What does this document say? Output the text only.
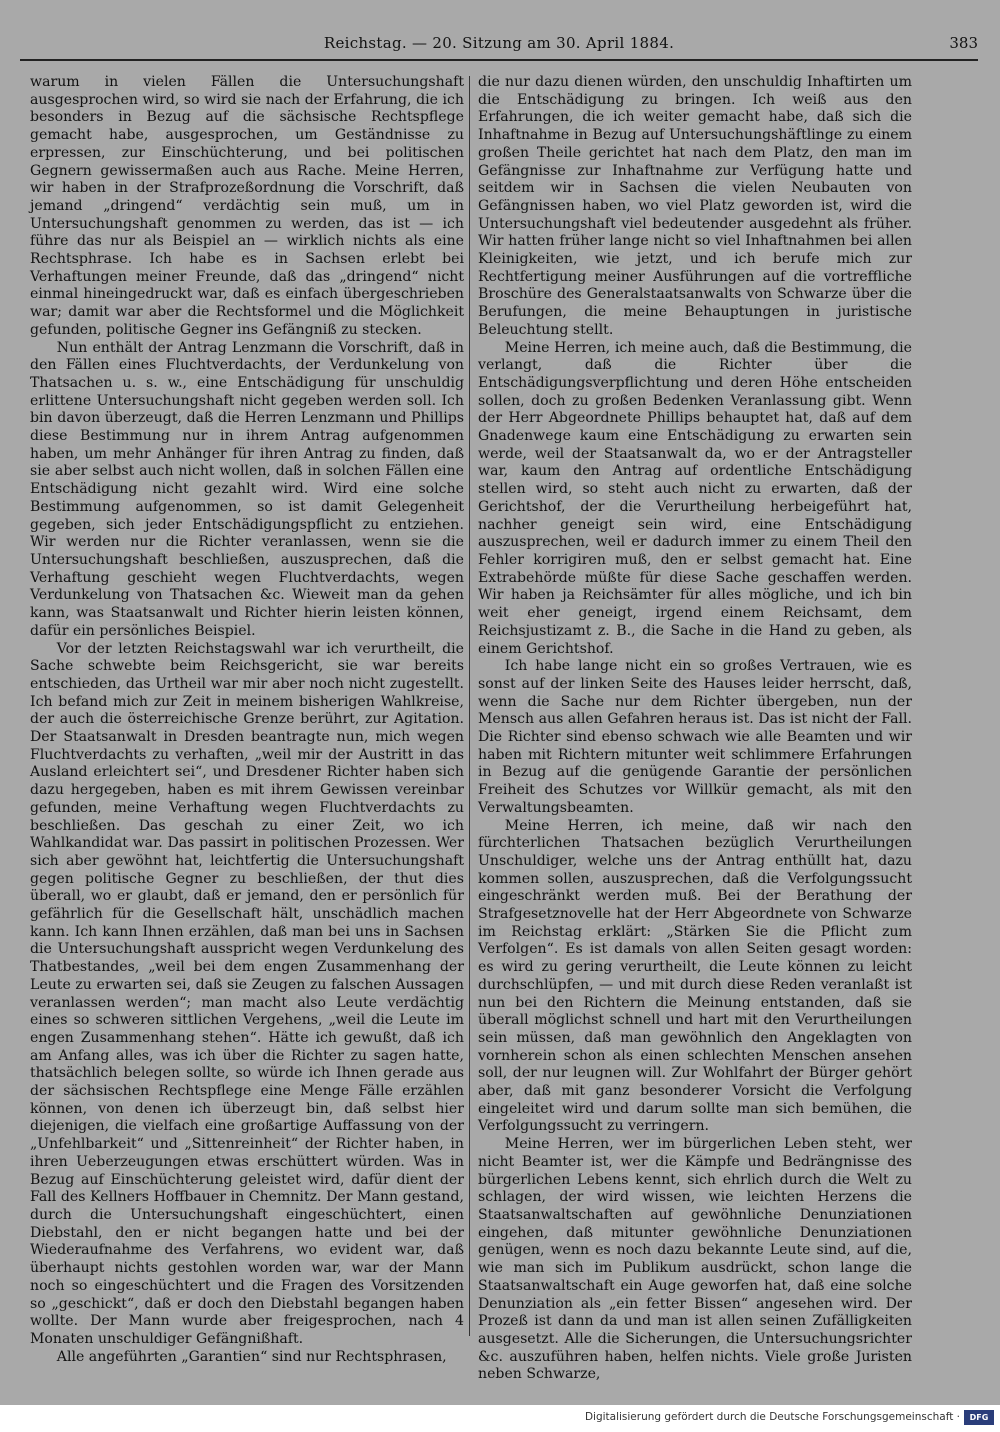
Reichstag. — 20. Sitzung am 30. April 1884.	383

warum in vielen Fällen die Untersuchungshaft ausgesprochen wird, so wird sie nach der Erfahrung, die ich besonders in Bezug auf die sächsische Rechtspflege gemacht habe, ausgesprochen, um Geständnisse zu erpressen, zur Einschüchterung, und bei politischen Gegnern gewissermaßen auch aus Rache. Meine Herren, wir haben in der Strafprozeßordnung die Vorschrift, daß jemand „dringend“ verdächtig sein muß, um in Untersuchungshaft genommen zu werden, das ist — ich führe das nur als Beispiel an — wirklich nichts als eine Rechtsphrase. Ich habe es in Sachsen erlebt bei Verhaftungen meiner Freunde, daß das „dringend“ nicht einmal hineingedruckt war, daß es einfach übergeschrieben war; damit war aber die Rechtsformel und die Möglichkeit gefunden, politische Gegner ins Gefängniß zu stecken.

Nun enthält der Antrag Lenzmann die Vorschrift, daß in den Fällen eines Fluchtverdachts, der Verdunkelung von Thatsachen u. s. w., eine Entschädigung für unschuldig erlittene Untersuchungshaft nicht gegeben werden soll. Ich bin davon überzeugt, daß die Herren Lenzmann und Phillips diese Bestimmung nur in ihrem Antrag aufgenommen haben, um mehr Anhänger für ihren Antrag zu finden, daß sie aber selbst auch nicht wollen, daß in solchen Fällen eine Entschädigung nicht gezahlt wird. Wird eine solche Bestimmung aufgenommen, so ist damit Gelegenheit gegeben, sich jeder Entschädigungspflicht zu entziehen. Wir werden nur die Richter veranlassen, wenn sie die Untersuchungshaft beschließen, auszusprechen, daß die Verhaftung geschieht wegen Fluchtverdachts, wegen Verdunkelung von Thatsachen &c. Wieweit man da gehen kann, was Staatsanwalt und Richter hierin leisten können, dafür ein persönliches Beispiel.

Vor der letzten Reichstagswahl war ich verurtheilt, die Sache schwebte beim Reichsgericht, sie war bereits entschieden, das Urtheil war mir aber noch nicht zugestellt. Ich befand mich zur Zeit in meinem bisherigen Wahlkreise, der auch die österreichische Grenze berührt, zur Agitation. Der Staatsanwalt in Dresden beantragte nun, mich wegen Fluchtverdachts zu verhaften, „weil mir der Austritt in das Ausland erleichtert sei“, und Dresdener Richter haben sich dazu hergegeben, haben es mit ihrem Gewissen vereinbar gefunden, meine Verhaftung wegen Fluchtverdachts zu beschließen. Das geschah zu einer Zeit, wo ich Wahlkandidat war. Das passirt in politischen Prozessen. Wer sich aber gewöhnt hat, leichtfertig die Untersuchungshaft gegen politische Gegner zu beschließen, der thut dies überall, wo er glaubt, daß er jemand, den er persönlich für gefährlich für die Gesellschaft hält, unschädlich machen kann. Ich kann Ihnen erzählen, daß man bei uns in Sachsen die Untersuchungshaft ausspricht wegen Verdunkelung des Thatbestandes, „weil bei dem engen Zusammenhang der Leute zu erwarten sei, daß sie Zeugen zu falschen Aussagen veranlassen werden“; man macht also Leute verdächtig eines so schweren sittlichen Vergehens, „weil die Leute im engen Zusammenhang stehen“. Hätte ich gewußt, daß ich am Anfang alles, was ich über die Richter zu sagen hatte, thatsächlich belegen sollte, so würde ich Ihnen gerade aus der sächsischen Rechtspflege eine Menge Fälle erzählen können, von denen ich überzeugt bin, daß selbst hier diejenigen, die vielfach eine großartige Auffassung von der „Unfehlbarkeit“ und „Sittenreinheit“ der Richter haben, in ihren Ueberzeugungen etwas erschüttert würden. Was in Bezug auf Einschüchterung geleistet wird, dafür dient der Fall des Kellners Hoffbauer in Chemnitz. Der Mann gestand, durch die Untersuchungshaft eingeschüchtert, einen Diebstahl, den er nicht begangen hatte und bei der Wiederaufnahme des Verfahrens, wo evident war, daß überhaupt nichts gestohlen worden war, war der Mann noch so eingeschüchtert und die Fragen des Vorsitzenden so „geschickt“, daß er doch den Diebstahl begangen haben wollte. Der Mann wurde aber freigesprochen, nach 4 Monaten unschuldiger Gefängnißhaft.

Alle angeführten „Garantien“ sind nur Rechtsphrasen,

die nur dazu dienen würden, den unschuldig Inhaftirten um die Entschädigung zu bringen. Ich weiß aus den Erfahrungen, die ich weiter gemacht habe, daß sich die Inhaftnahme in Bezug auf Untersuchungshäftlinge zu einem großen Theile gerichtet hat nach dem Platz, den man im Gefängnisse zur Inhaftnahme zur Verfügung hatte und seitdem wir in Sachsen die vielen Neubauten von Gefängnissen haben, wo viel Platz geworden ist, wird die Untersuchungshaft viel bedeutender ausgedehnt als früher. Wir hatten früher lange nicht so viel Inhaftnahmen bei allen Kleinigkeiten, wie jetzt, und ich berufe mich zur Rechtfertigung meiner Ausführungen auf die vortreffliche Broschüre des Generalstaatsanwalts von Schwarze über die Berufungen, die meine Behauptungen in juristische Beleuchtung stellt.

Meine Herren, ich meine auch, daß die Bestimmung, die verlangt, daß die Richter über die Entschädigungsverpflichtung und deren Höhe entscheiden sollen, doch zu großen Bedenken Veranlassung gibt. Wenn der Herr Abgeordnete Phillips behauptet hat, daß auf dem Gnadenwege kaum eine Entschädigung zu erwarten sein werde, weil der Staatsanwalt da, wo er der Antragsteller war, kaum den Antrag auf ordentliche Entschädigung stellen wird, so steht auch nicht zu erwarten, daß der Gerichtshof, der die Verurtheilung herbeigeführt hat, nachher geneigt sein wird, eine Entschädigung auszusprechen, weil er dadurch immer zu einem Theil den Fehler korrigiren muß, den er selbst gemacht hat. Eine Extrabehörde müßte für diese Sache geschaffen werden. Wir haben ja Reichsämter für alles mögliche, und ich bin weit eher geneigt, irgend einem Reichsamt, dem Reichsjustizamt z. B., die Sache in die Hand zu geben, als einem Gerichtshof.

Ich habe lange nicht ein so großes Vertrauen, wie es sonst auf der linken Seite des Hauses leider herrscht, daß, wenn die Sache nur dem Richter übergeben, nun der Mensch aus allen Gefahren heraus ist. Das ist nicht der Fall. Die Richter sind ebenso schwach wie alle Beamten und wir haben mit Richtern mitunter weit schlimmere Erfahrungen in Bezug auf die genügende Garantie der persönlichen Freiheit des Schutzes vor Willkür gemacht, als mit den Verwaltungsbeamten.

Meine Herren, ich meine, daß wir nach den fürchterlichen Thatsachen bezüglich Verurtheilungen Unschuldiger, welche uns der Antrag enthüllt hat, dazu kommen sollen, auszusprechen, daß die Verfolgungssucht eingeschränkt werden muß. Bei der Berathung der Strafgesetznovelle hat der Herr Abgeordnete von Schwarze im Reichstag erklärt: „Stärken Sie die Pflicht zum Verfolgen“. Es ist damals von allen Seiten gesagt worden: es wird zu gering verurtheilt, die Leute können zu leicht durchschlüpfen, — und mit durch diese Reden veranlaßt ist nun bei den Richtern die Meinung entstanden, daß sie überall möglichst schnell und hart mit den Verurtheilungen sein müssen, daß man gewöhnlich den Angeklagten von vornherein schon als einen schlechten Menschen ansehen soll, der nur leugnen will. Zur Wohlfahrt der Bürger gehört aber, daß mit ganz besonderer Vorsicht die Verfolgung eingeleitet wird und darum sollte man sich bemühen, die Verfolgungssucht zu verringern.

Meine Herren, wer im bürgerlichen Leben steht, wer nicht Beamter ist, wer die Kämpfe und Bedrängnisse des bürgerlichen Lebens kennt, sich ehrlich durch die Welt zu schlagen, der wird wissen, wie leichten Herzens die Staatsanwaltschaften auf gewöhnliche Denunziationen eingehen, daß mitunter gewöhnliche Denunziationen genügen, wenn es noch dazu bekannte Leute sind, auf die, wie man sich im Publikum ausdrückt, schon lange die Staatsanwaltschaft ein Auge geworfen hat, daß eine solche Denunziation als „ein fetter Bissen“ angesehen wird. Der Prozeß ist dann da und man ist allen seinen Zufälligkeiten ausgesetzt. Alle die Sicherungen, die Untersuchungsrichter &c. auszuführen haben, helfen nichts. Viele große Juristen neben Schwarze,

Digitalisierung gefördert durch die Deutsche Forschungsgemeinschaft ·	DFG
